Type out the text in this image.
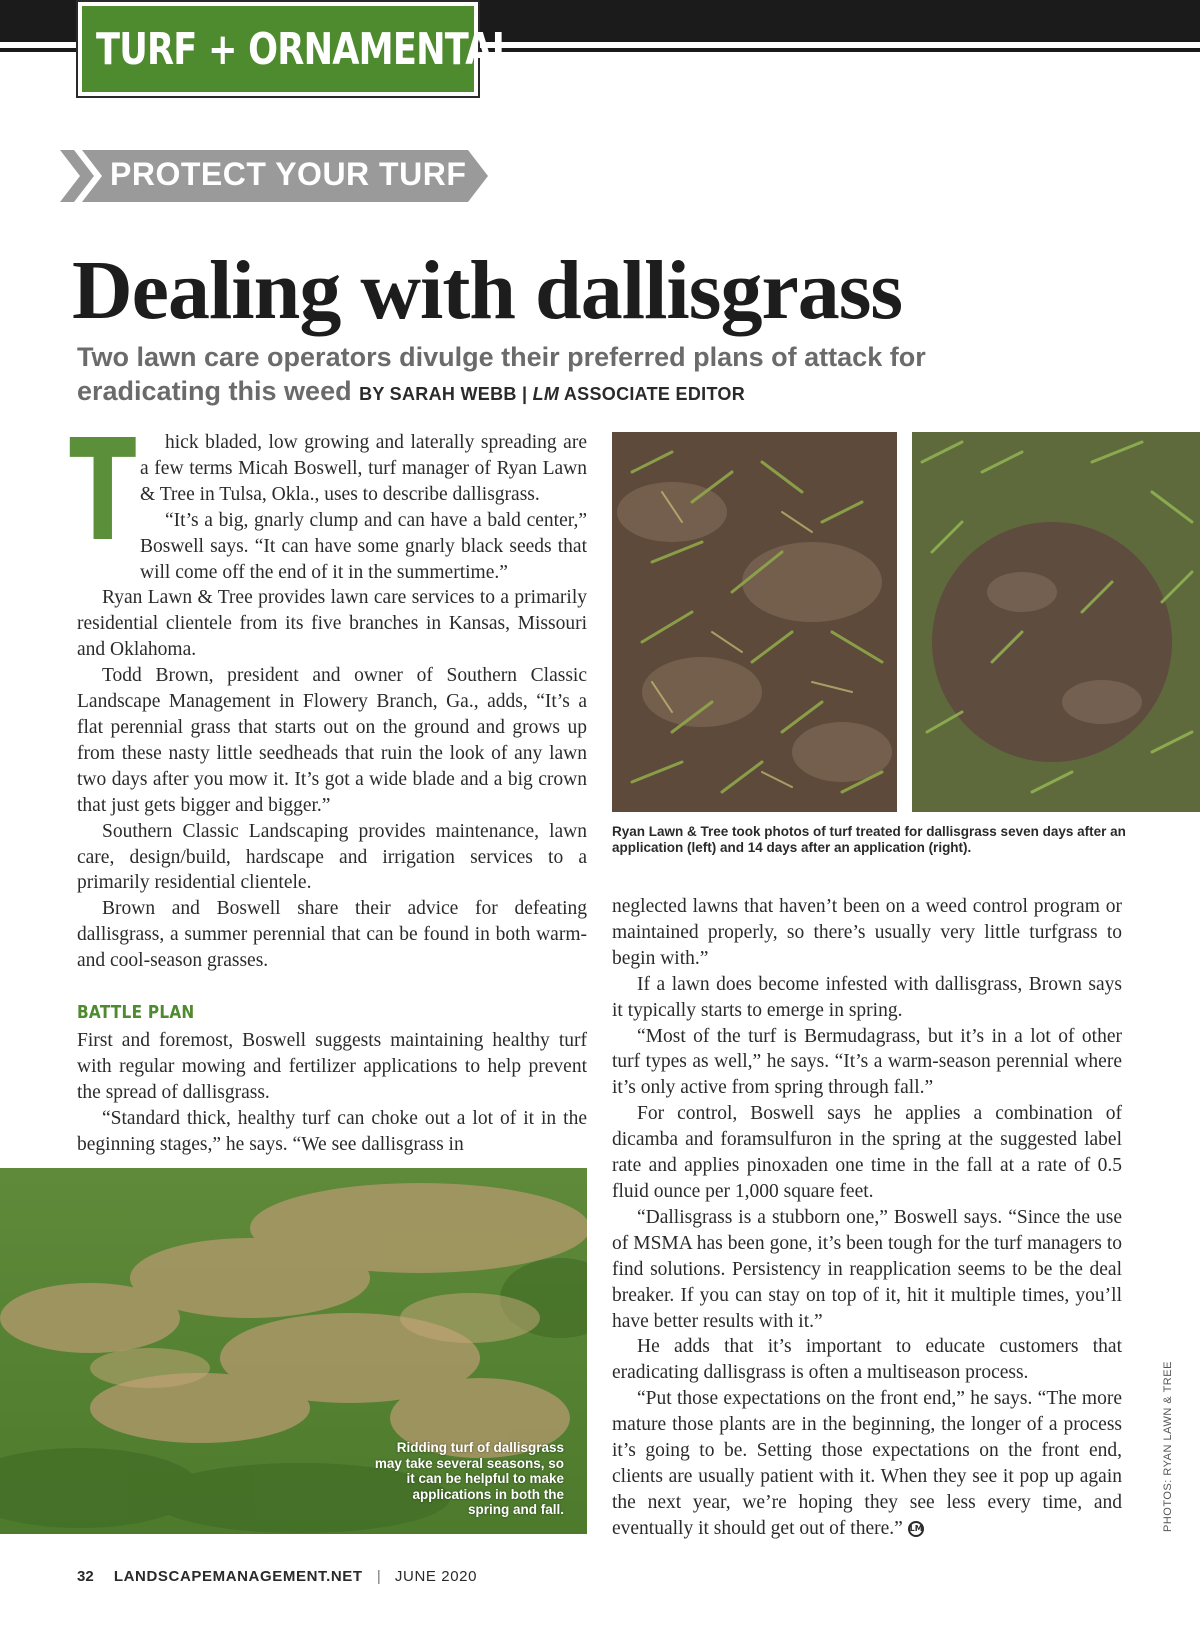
TURF + ORNAMENTAL
PROTECT YOUR TURF
Dealing with dallisgrass
Two lawn care operators divulge their preferred plans of attack for eradicating this weed BY SARAH WEBB | LM ASSOCIATE EDITOR
T	hick bladed, low growing and laterally spreading are a few terms Micah Boswell, turf manager of Ryan Lawn & Tree in Tulsa, Okla., uses to describe dallisgrass.

“It’s a big, gnarly clump and can have a bald center,” Boswell says. “It can have some gnarly black seeds that will come off the end of it in the summertime.”

Ryan Lawn & Tree provides lawn care services to a primarily residential clientele from its five branches in Kansas, Missouri and Oklahoma.

Todd Brown, president and owner of Southern Classic Landscape Management in Flowery Branch, Ga., adds, “It’s a flat perennial grass that starts out on the ground and grows up from these nasty little seedheads that ruin the look of any lawn two days after you mow it. It’s got a wide blade and a big crown that just gets bigger and bigger.”

Southern Classic Landscaping provides maintenance, lawn care, design/build, hardscape and irrigation services to a primarily residential clientele.

Brown and Boswell share their advice for defeating dallisgrass, a summer perennial that can be found in both warm- and cool-season grasses.

BATTLE PLAN

First and foremost, Boswell suggests maintaining healthy turf with regular mowing and fertilizer applications to help prevent the spread of dallisgrass.

“Standard thick, healthy turf can choke out a lot of it in the beginning stages,” he says. “We see dallisgrass in

Ryan Lawn & Tree took photos of turf treated for dallisgrass seven days after an application (left) and 14 days after an application (right).

neglected lawns that haven’t been on a weed control program or maintained properly, so there’s usually very little turfgrass to begin with.”

If a lawn does become infested with dallisgrass, Brown says it typically starts to emerge in spring.

“Most of the turf is Bermudagrass, but it’s in a lot of other turf types as well,” he says. “It’s a warm-season perennial where it’s only active from spring through fall.”

For control, Boswell says he applies a combination of dicamba and foramsulfuron in the spring at the suggested label rate and applies pinoxaden one time in the fall at a rate of 0.5 fluid ounce per 1,000 square feet.

“Dallisgrass is a stubborn one,” Boswell says. “Since the use of MSMA has been gone, it’s been tough for the turf managers to find solutions. Persistency in reapplication seems to be the deal breaker. If you can stay on top of it, hit it multiple times, you’ll have better results with it.”

He adds that it’s important to educate customers that eradicating dallisgrass is often a multiseason process.

“Put those expectations on the front end,” he says. “The more mature those plants are in the beginning, the longer of a process it’s going to be. Setting those expectations on the front end, clients are usually patient with it. When they see it pop up again the next year, we’re hoping they see less every time, and eventually it should get out of there.” LM

Ridding turf of dallisgrass may take several seasons, so it can be helpful to make applications in both the spring and fall.	PHOTOS: RYAN LAWN & TREE
32 LANDSCAPEMANAGEMENT.NET | JUNE 2020
